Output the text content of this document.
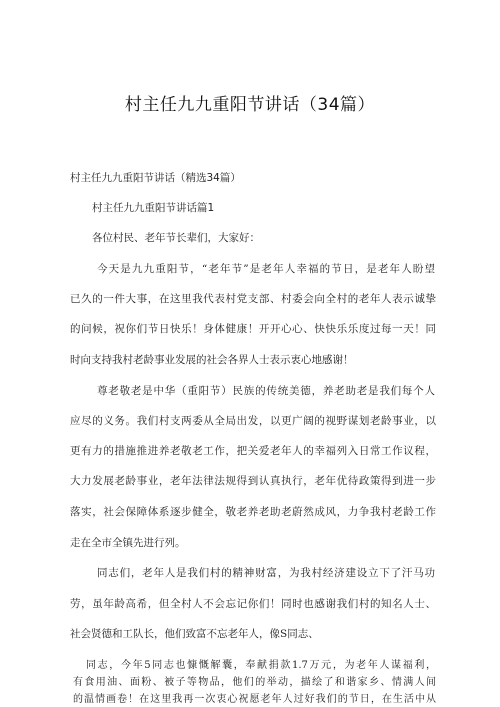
村主任九九重阳节讲话（34篇）
村主任九九重阳节讲话（精选34篇）
村主任九九重阳节讲话篇1
各位村民、老年节长辈们，大家好：
今天是九九重阳节，“老年节”是老年人幸福的节日，是老年人盼望
已久的一件大事，在这里我代表村党支部、村委会向全村的老年人表示诚挚
的问候，祝你们节日快乐！身体健康！开开心心、快快乐乐度过每一天！同
时向支持我村老龄事业发展的社会各界人士表示衷心地感谢！
尊老敬老是中华（重阳节）民族的传统美德，养老助老是我们每个人
应尽的义务。我们村支两委从全局出发，以更广阔的视野谋划老龄事业，以
更有力的措施推进养老敬老工作，把关爱老年人的幸福列入日常工作议程，
大力发展老龄事业，老年法律法规得到认真执行，老年优待政策得到进一步
落实，社会保障体系逐步健全，敬老养老助老蔚然成风，力争我村老龄工作
走在全市全镇先进行列。
同志们，老年人是我们村的精神财富，为我村经济建设立下了汗马功
劳，虽年龄高希，但全村人不会忘记你们！同时也感谢我们村的知名人士、
社会贤德和工队长，他们致富不忘老年人，像S同志、
同志，今年5同志也慷慨解囊，奉献捐款1.7万元，为老年人谋福利，
有食用油、面粉、被子等物品，他们的举动，描绘了和谐家乡、情满人间
的温情画卷！在这里我再一次衷心祝愿老年人过好我们的节日，在生活中从
